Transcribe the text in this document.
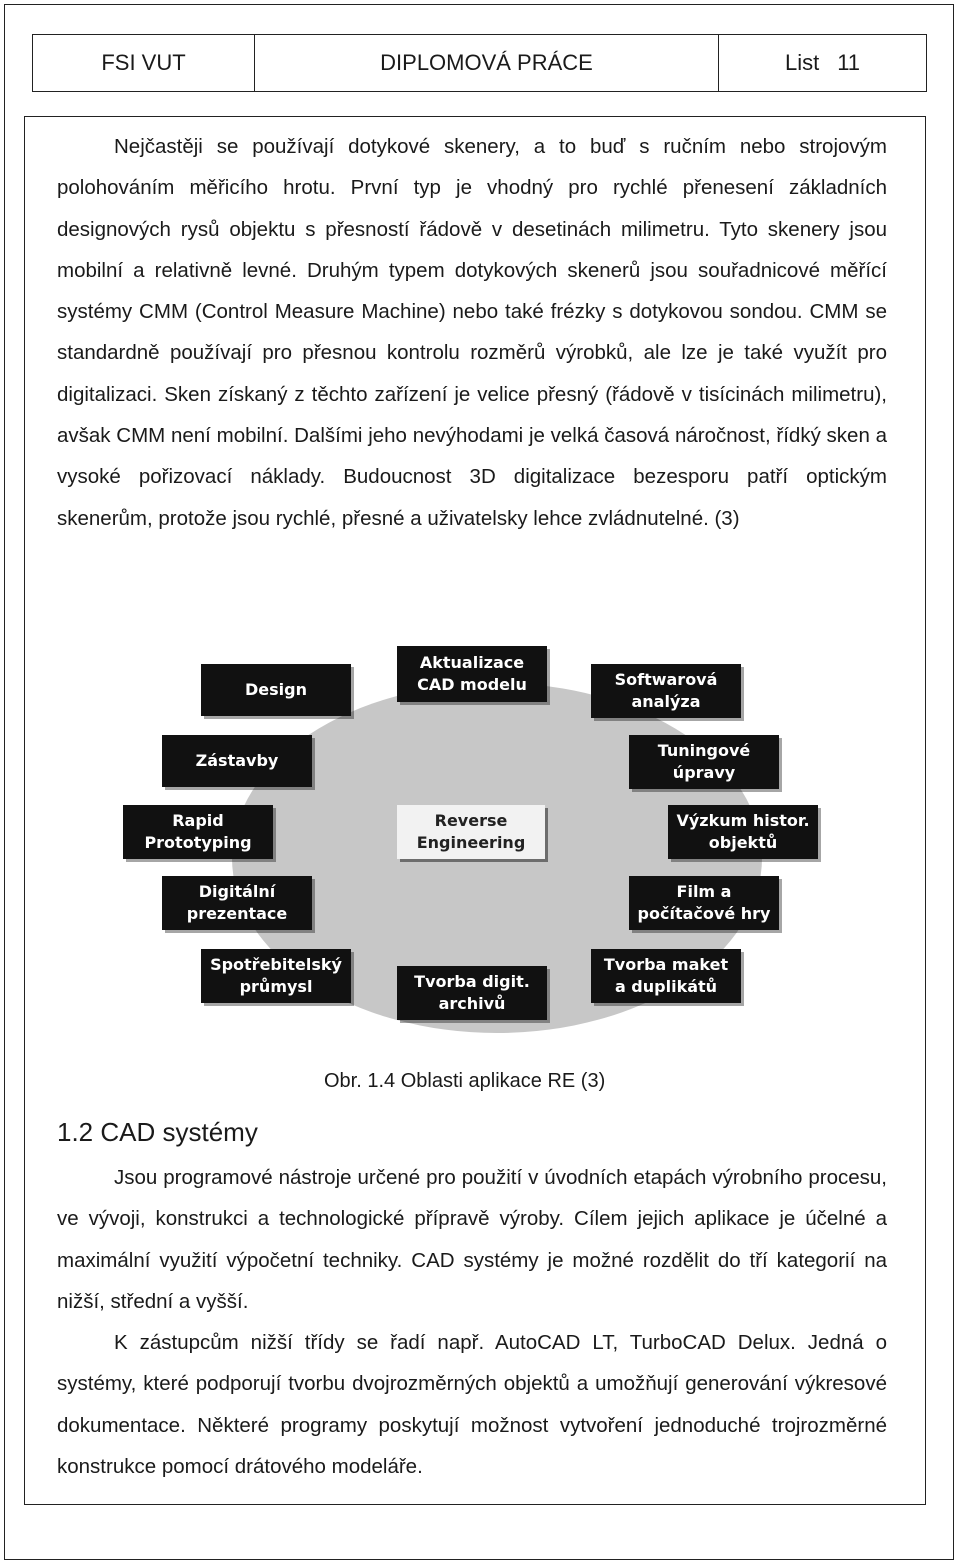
FSI VUT	DIPLOMOVÁ PRÁCE	List 11

Nejčastěji se používají dotykové skenery, a to buď s ručním nebo strojovým polohováním měřicího hrotu. První typ je vhodný pro rychlé přenesení základních designových rysů objektu s přesností řádově v desetinách milimetru. Tyto skenery jsou mobilní a relativně levné. Druhým typem dotykových skenerů jsou souřadnicové měřící systémy CMM (Control Measure Machine) nebo také frézky s dotykovou sondou. CMM se standardně používají pro přesnou kontrolu rozměrů výrobků, ale lze je také využít pro digitalizaci. Sken získaný z těchto zařízení je velice přesný (řádově v tisícinách milimetru), avšak CMM není mobilní. Dalšími jeho nevýhodami je velká časová náročnost, řídký sken a vysoké pořizovací náklady. Budoucnost 3D digitalizace bezesporu patří optickým skenerům, protože jsou rychlé, přesné a uživatelsky lehce zvládnutelné. (3)

Reverse
Engineering
Aktualizace
CAD modelu
Design
Softwarová
analýza
Zástavby
Tuningové
úpravy
Rapid
Prototyping
Výzkum histor.
objektů
Digitální
prezentace
Film a
počítačové hry
Spotřebitelský
průmysl	Tvorba digit.
archivů
Tvorba maket
a duplikátů
Obr. 1.4 Oblasti aplikace RE (3)
1.2 CAD systémy

Jsou programové nástroje určené pro použití v úvodních etapách výrobního procesu, ve vývoji, konstrukci a technologické přípravě výroby. Cílem jejich aplikace je účelné a maximální využití výpočetní techniky. CAD systémy je možné rozdělit do tří kategorií na nižší, střední a vyšší.

K zástupcům nižší třídy se řadí např. AutoCAD LT, TurboCAD Delux. Jedná o systémy, které podporují tvorbu dvojrozměrných objektů a umožňují generování výkresové dokumentace. Některé programy poskytují možnost vytvoření jednoduché trojrozměrné konstrukce pomocí drátového modeláře.
